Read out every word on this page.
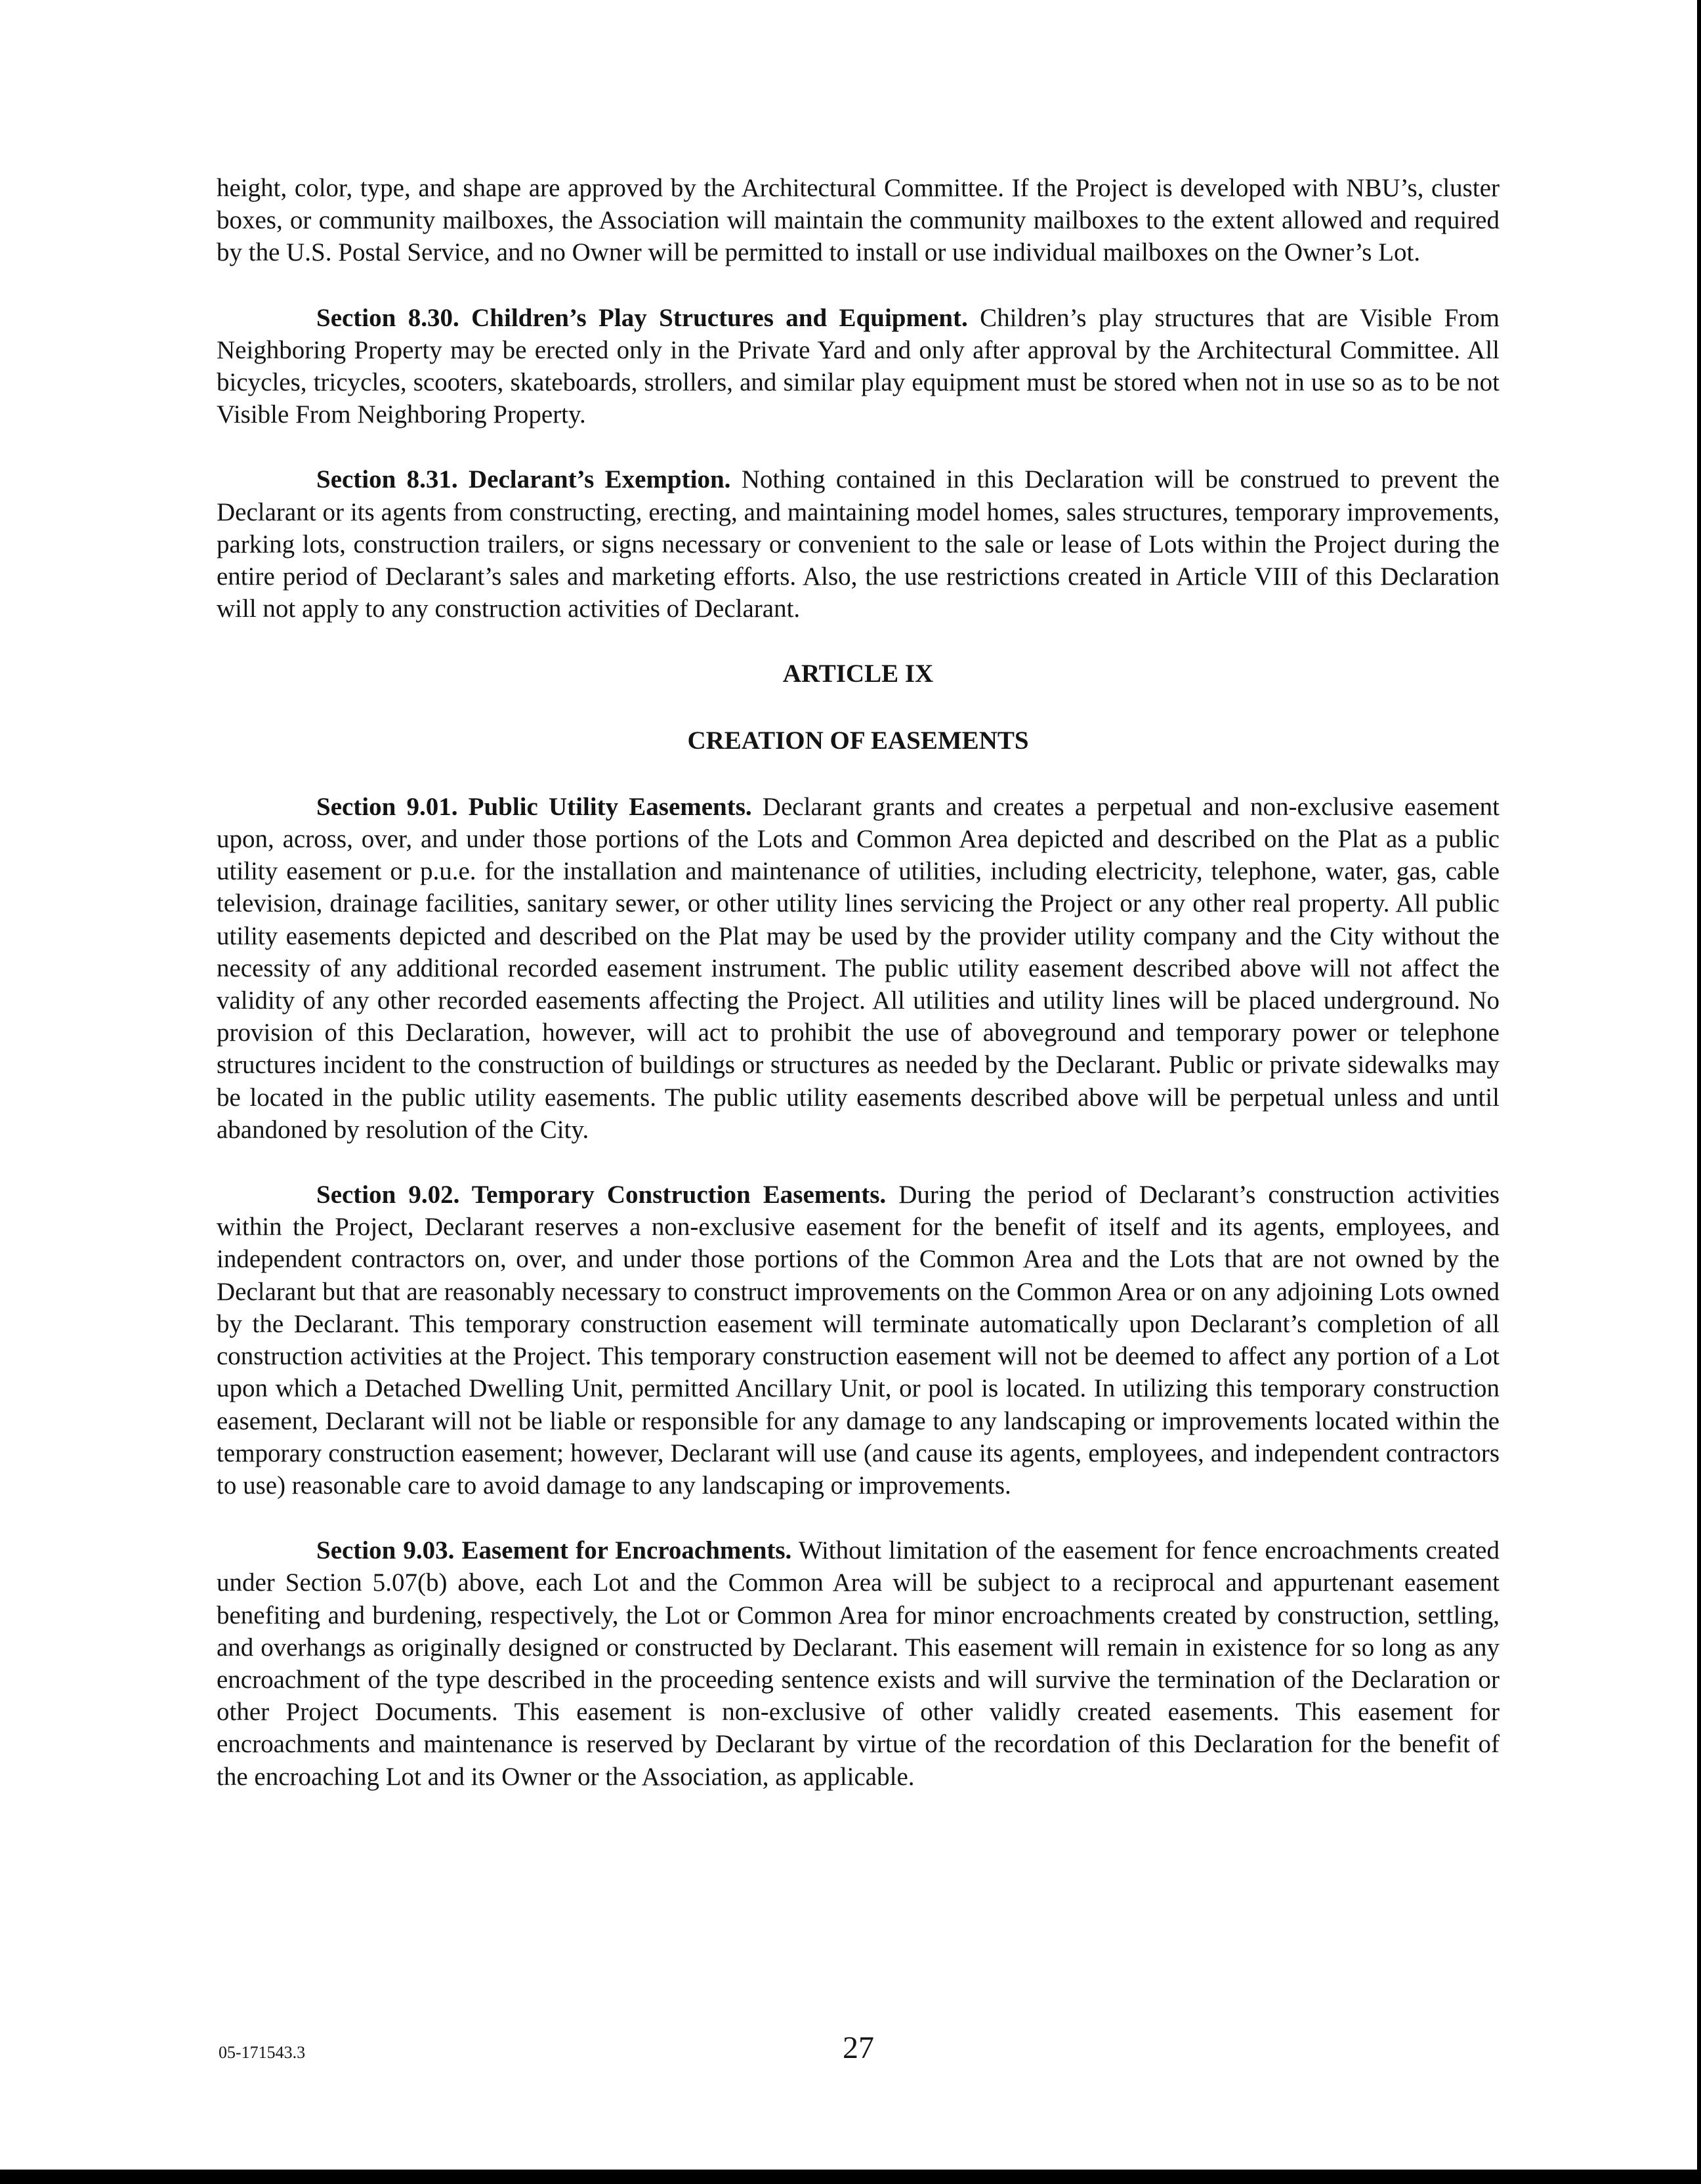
height, color, type, and shape are approved by the Architectural Committee. If the Project is developed with NBU’s, cluster boxes, or community mailboxes, the Association will maintain the community mailboxes to the extent allowed and required by the U.S. Postal Service, and no Owner will be permitted to install or use individual mailboxes on the Owner’s Lot.

Section 8.30. Children’s Play Structures and Equipment. Children’s play structures that are Visible From Neighboring Property may be erected only in the Private Yard and only after approval by the Architectural Committee. All bicycles, tricycles, scooters, skateboards, strollers, and similar play equipment must be stored when not in use so as to be not Visible From Neighboring Property.

Section 8.31. Declarant’s Exemption. Nothing contained in this Declaration will be construed to prevent the Declarant or its agents from constructing, erecting, and maintaining model homes, sales structures, temporary improvements, parking lots, construction trailers, or signs necessary or convenient to the sale or lease of Lots within the Project during the entire period of Declarant’s sales and marketing efforts. Also, the use restrictions created in Article VIII of this Declaration will not apply to any construction activities of Declarant.

ARTICLE IX
CREATION OF EASEMENTS

Section 9.01. Public Utility Easements. Declarant grants and creates a perpetual and non-exclusive easement upon, across, over, and under those portions of the Lots and Common Area depicted and described on the Plat as a public utility easement or p.u.e. for the installation and maintenance of utilities, including electricity, telephone, water, gas, cable television, drainage facilities, sanitary sewer, or other utility lines servicing the Project or any other real property. All public utility easements depicted and described on the Plat may be used by the provider utility company and the City without the necessity of any additional recorded easement instrument. The public utility easement described above will not affect the validity of any other recorded easements affecting the Project. All utilities and utility lines will be placed underground. No provision of this Declaration, however, will act to prohibit the use of aboveground and temporary power or telephone structures incident to the construction of buildings or structures as needed by the Declarant. Public or private sidewalks may be located in the public utility easements. The public utility easements described above will be perpetual unless and until abandoned by resolution of the City.

Section 9.02. Temporary Construction Easements. During the period of Declarant’s construction activities within the Project, Declarant reserves a non-exclusive easement for the benefit of itself and its agents, employees, and independent contractors on, over, and under those portions of the Common Area and the Lots that are not owned by the Declarant but that are reasonably necessary to construct improvements on the Common Area or on any adjoining Lots owned by the Declarant. This temporary construction easement will terminate automatically upon Declarant’s completion of all construction activities at the Project. This temporary construction easement will not be deemed to affect any portion of a Lot upon which a Detached Dwelling Unit, permitted Ancillary Unit, or pool is located. In utilizing this temporary construction easement, Declarant will not be liable or responsible for any damage to any landscaping or improvements located within the temporary construction easement; however, Declarant will use (and cause its agents, employees, and independent contractors to use) reasonable care to avoid damage to any landscaping or improvements.

Section 9.03. Easement for Encroachments. Without limitation of the easement for fence encroachments created under Section 5.07(b) above, each Lot and the Common Area will be subject to a reciprocal and appurtenant easement benefiting and burdening, respectively, the Lot or Common Area for minor encroachments created by construction, settling, and overhangs as originally designed or constructed by Declarant. This easement will remain in existence for so long as any encroachment of the type described in the proceeding sentence exists and will survive the termination of the Declaration or other Project Documents. This easement is non-exclusive of other validly created easements. This easement for encroachments and maintenance is reserved by Declarant by virtue of the recordation of this Declaration for the benefit of the encroaching Lot and its Owner or the Association, as applicable.

05-171543.3	27
